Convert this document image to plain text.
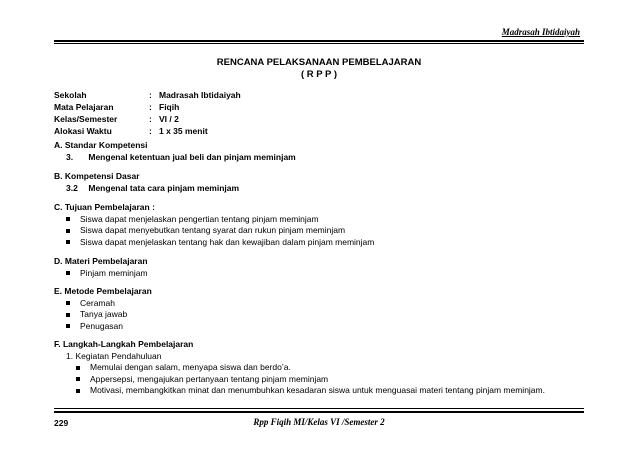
Madrasah Ibtidaiyah
RENCANA PELAKSANAAN PEMBELAJARAN
( R P P )
Sekolah	: Madrasah Ibtidaiyah
Mata Pelajaran	: Fiqih
Kelas/Semester	: VI / 2
Alokasi Waktu	: 1 x 35 menit
A. Standar Kompetensi
3. Mengenal ketentuan jual beli dan pinjam meminjam
B. Kompetensi Dasar
3.2 Mengenal tata cara pinjam meminjam
C. Tujuan Pembelajaran :
Siswa dapat menjelaskan pengertian tentang pinjam meminjam
Siswa dapat menyebutkan tentang syarat dan rukun pinjam meminjam
Siswa dapat menjelaskan tentang hak dan kewajiban dalam pinjam meminjam
D. Materi Pembelajaran
Pinjam meminjam
E. Metode Pembelajaran
Ceramah
Tanya jawab
Penugasan
F. Langkah-Langkah Pembelajaran
1. Kegiatan Pendahuluan
Memulai dengan salam, menyapa siswa dan berdo’a.
Appersepsi, mengajukan pertanyaan tentang pinjam meminjam
Motivasi, membangkitkan minat dan menumbuhkan kesadaran siswa untuk menguasai materi tentang pinjam meminjam.
229	Rpp Fiqih MI/Kelas VI /Semester 2
